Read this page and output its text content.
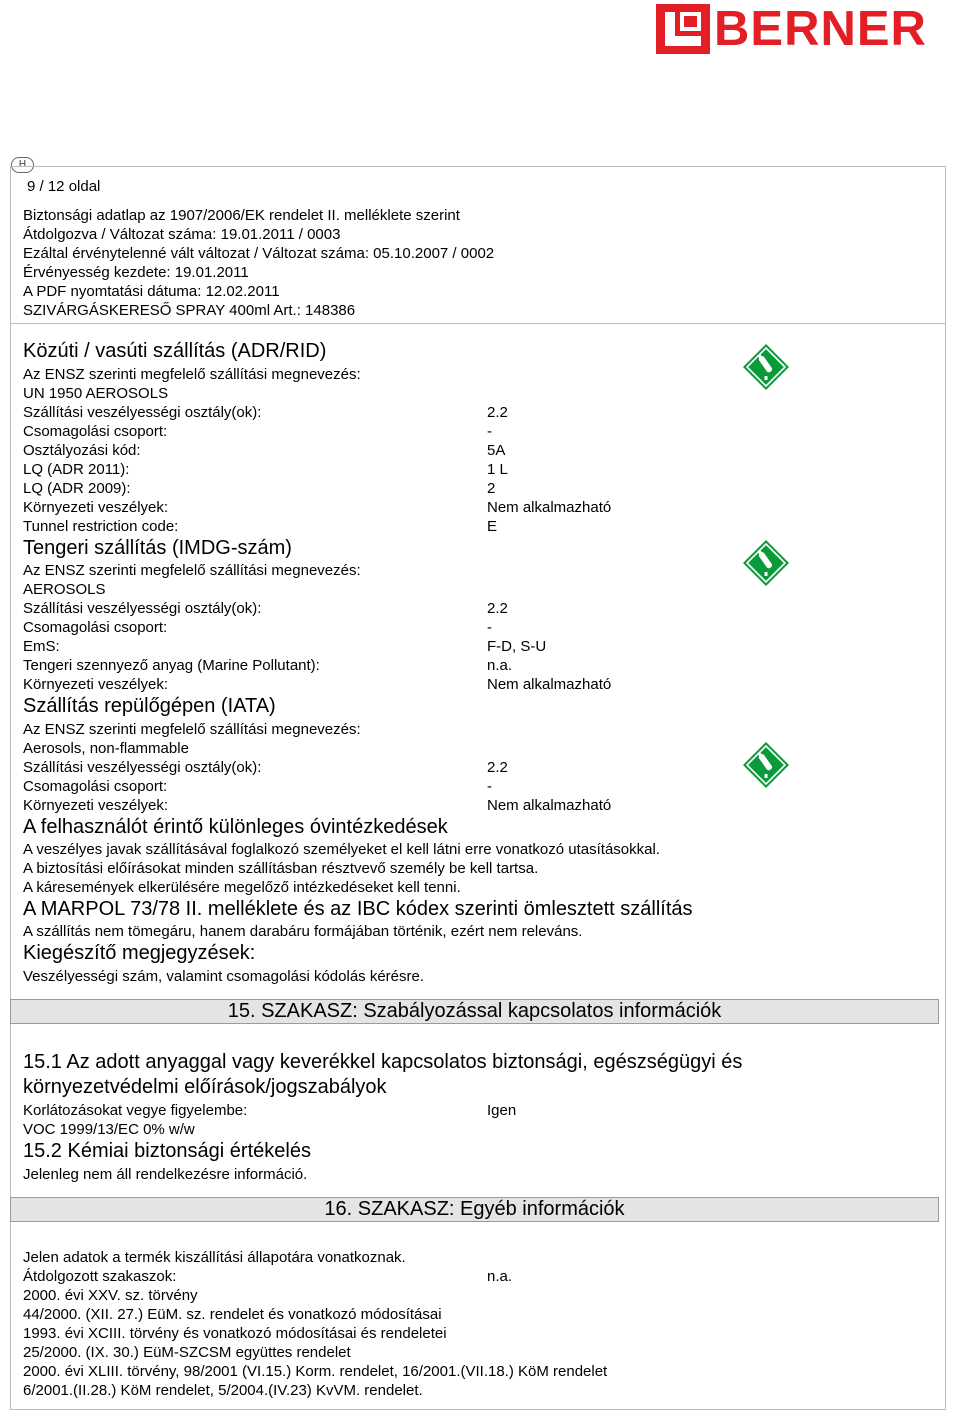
BERNER
H
9 / 12 oldal
Biztonsági adatlap az 1907/2006/EK rendelet II. melléklete szerint
Átdolgozva / Változat száma: 19.01.2011 / 0003
Ezáltal érvénytelenné vált változat / Változat száma: 05.10.2007 / 0002
Érvényesség kezdete: 19.01.2011
A PDF nyomtatási dátuma: 12.02.2011
SZIVÁRGÁSKERESŐ SPRAY 400ml Art.: 148386
Közúti / vasúti szállítás (ADR/RID)
Az ENSZ szerinti megfelelő szállítási megnevezés:
UN 1950 AEROSOLS
Szállítási veszélyességi osztály(ok):	2.2
Csomagolási csoport:	-
Osztályozási kód:	5A
LQ (ADR 2011):	1 L
LQ (ADR 2009):	2
Környezeti veszélyek:	Nem alkalmazható
Tunnel restriction code:	E
Tengeri szállítás (IMDG-szám)
Az ENSZ szerinti megfelelő szállítási megnevezés:
AEROSOLS
Szállítási veszélyességi osztály(ok):	2.2
Csomagolási csoport:	-
EmS:	F-D, S-U
Tengeri szennyező anyag (Marine Pollutant):	n.a.
Környezeti veszélyek:	Nem alkalmazható
Szállítás repülőgépen (IATA)
Az ENSZ szerinti megfelelő szállítási megnevezés:
Aerosols, non-flammable
Szállítási veszélyességi osztály(ok):	2.2
Csomagolási csoport:	-
Környezeti veszélyek:	Nem alkalmazható
A felhasználót érintő különleges óvintézkedések
A veszélyes javak szállításával foglalkozó személyeket el kell látni erre vonatkozó utasításokkal.
A biztosítási előírásokat minden szállításban résztvevő személy be kell tartsa.
A káresemények elkerülésére megelőző intézkedéseket kell tenni.
A MARPOL 73/78 II. melléklete és az IBC kódex szerinti ömlesztett szállítás
A szállítás nem tömegáru, hanem darabáru formájában történik, ezért nem releváns.
Kiegészítő megjegyzések:
Veszélyességi szám, valamint csomagolási kódolás kérésre.
15. SZAKASZ: Szabályozással kapcsolatos információk
15.1 Az adott anyaggal vagy keverékkel kapcsolatos biztonsági, egészségügyi és
környezetvédelmi előírások/jogszabályok
Korlátozásokat vegye figyelembe:	Igen
VOC 1999/13/EC 0% w/w
15.2 Kémiai biztonsági értékelés
Jelenleg nem áll rendelkezésre információ.
16. SZAKASZ: Egyéb információk
Jelen adatok a termék kiszállítási állapotára vonatkoznak.
Átdolgozott szakaszok:	n.a.
2000. évi XXV. sz. törvény
44/2000. (XII. 27.) EüM. sz. rendelet és vonatkozó módosításai
1993. évi XCIII. törvény és vonatkozó módosításai és rendeletei
25/2000. (IX. 30.) EüM-SZCSM együttes rendelet
2000. évi XLIII. törvény, 98/2001 (VI.15.) Korm. rendelet, 16/2001.(VII.18.) KöM rendelet
6/2001.(II.28.) KöM rendelet, 5/2004.(IV.23) KvVM. rendelet.
